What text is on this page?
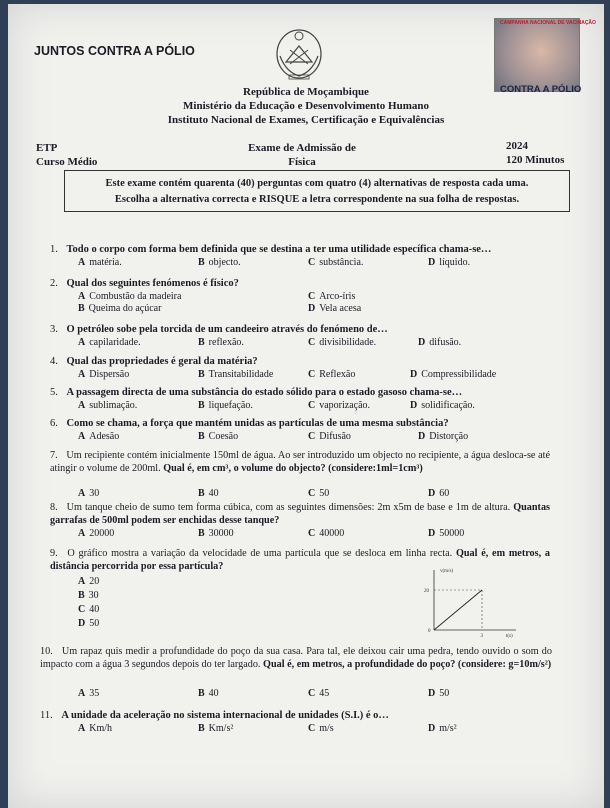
JUNTOS CONTRA A PÓLIO
CAMPANHA NACIONAL DE VACINAÇÃO
CONTRA A PÓLIO
República de Moçambique
Ministério da Educação e Desenvolvimento Humano
Instituto Nacional de Exames, Certificação e Equivalências
ETP
Curso Médio
Exame de Admissão de
Física
2024
120 Minutos
Este exame contém quarenta (40) perguntas com quatro (4) alternativas de resposta cada uma.
Escolha a alternativa correcta e RISQUE a letra correspondente na sua folha de respostas.
1. Todo o corpo com forma bem definida que se destina a ter uma utilidade específica chama-se…
A matéria.	B objecto.	C substância.	D líquido.
2. Qual dos seguintes fenómenos é físico?
A Combustão da madeira	C Arco-íris
B Queima do açúcar	D Vela acesa
3. O petróleo sobe pela torcida de um candeeiro através do fenómeno de…
A capilaridade.	B reflexão.	C divisibilidade.	D difusão.
4. Qual das propriedades é geral da matéria?
A Dispersão	B Transitabilidade	C Reflexão	D Compressibilidade
5. A passagem directa de uma substância do estado sólido para o estado gasoso chama-se…
A sublimação.	B liquefação.	C vaporização.	D solidificação.
6. Como se chama, a força que mantém unidas as partículas de uma mesma substância?
A Adesão	B Coesão	C Difusão	D Distorção
7. Um recipiente contém inicialmente 150ml de água. Ao ser introduzido um objecto no recipiente, a água desloca-se até atingir o volume de 200ml. Qual é, em cm³, o volume do objecto? (considere:1ml=1cm³)
A 30	B 40	C 50	D 60
8. Um tanque cheio de sumo tem forma cúbica, com as seguintes dimensões: 2m x5m de base e 1m de altura. Quantas garrafas de 500ml podem ser enchidas desse tanque?
A 20000	B 30000	C 40000	D 50000
9. O gráfico mostra a variação da velocidade de uma partícula que se desloca em linha recta. Qual é, em metros, a distância percorrida por essa partícula?
A 20
B 30
C 40
D 50
v(m/s)
t(s)
20
3
0
10. Um rapaz quis medir a profundidade do poço da sua casa. Para tal, ele deixou cair uma pedra, tendo ouvido o som do impacto com a água 3 segundos depois do ter largado. Qual é, em metros, a profundidade do poço? (considere: g=10m/s²)
A 35	B 40	C 45	D 50
11. A unidade da aceleração no sistema internacional de unidades (S.I.) é o…
A Km/h	B Km/s²	C m/s	D m/s²
